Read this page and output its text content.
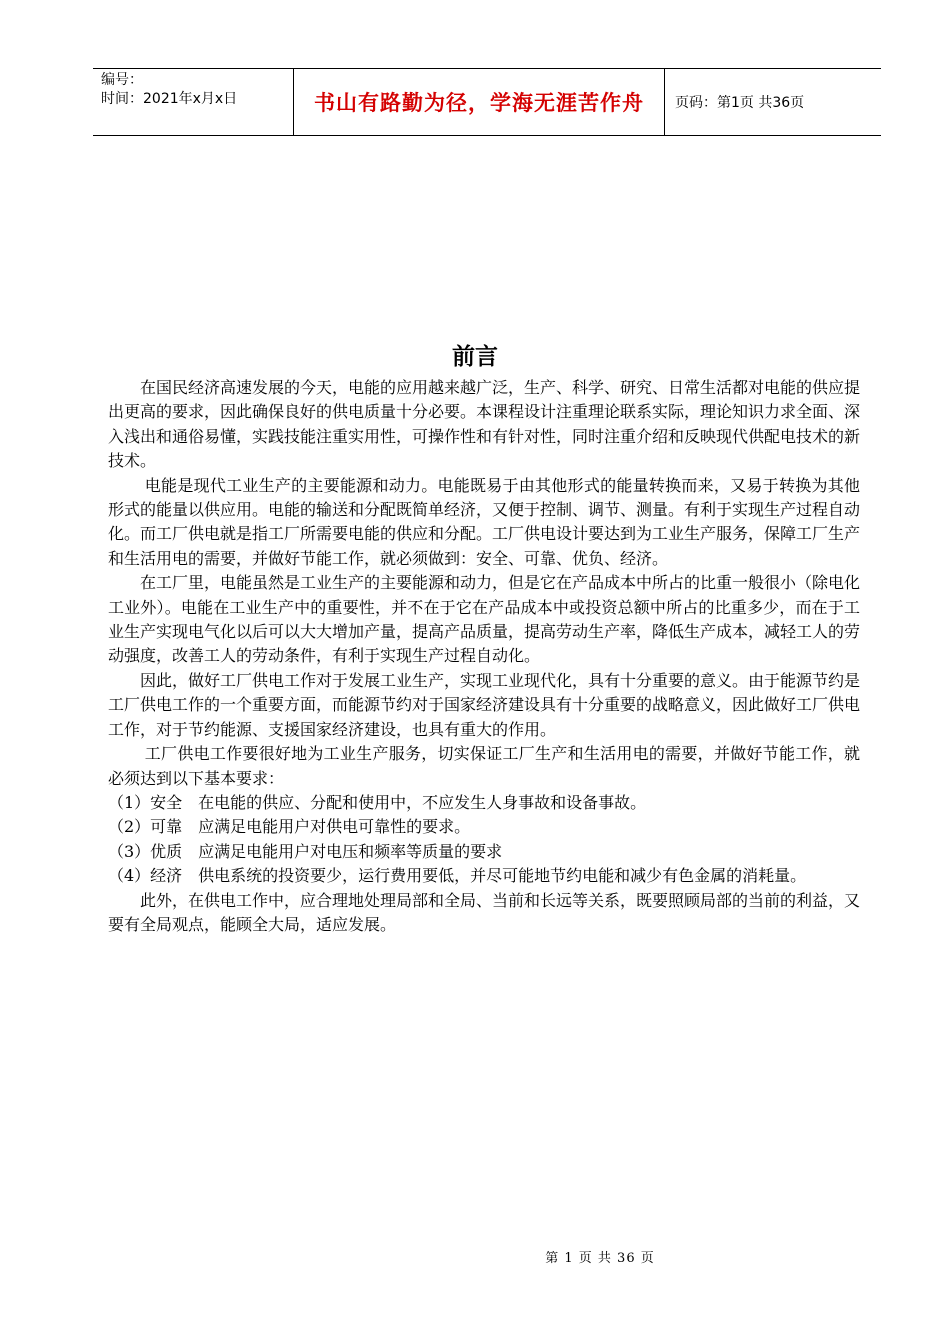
编号：
时间：2021年x月x日	书山有路勤为径，学海无涯苦作舟	页码：第1页 共36页
前言

在国民经济高速发展的今天，电能的应用越来越广泛，生产、科学、研究、日常生活都对电能的供应提出更高的要求，因此确保良好的供电质量十分必要。本课程设计注重理论联系实际，理论知识力求全面、深入浅出和通俗易懂，实践技能注重实用性，可操作性和有针对性，同时注重介绍和反映现代供配电技术的新技术。

电能是现代工业生产的主要能源和动力。电能既易于由其他形式的能量转换而来，又易于转换为其他形式的能量以供应用。电能的输送和分配既简单经济，又便于控制、调节、测量。有利于实现生产过程自动化。而工厂供电就是指工厂所需要电能的供应和分配。工厂供电设计要达到为工业生产服务，保障工厂生产和生活用电的需要，并做好节能工作，就必须做到：安全、可靠、优负、经济。

在工厂里，电能虽然是工业生产的主要能源和动力，但是它在产品成本中所占的比重一般很小（除电化工业外）。电能在工业生产中的重要性，并不在于它在产品成本中或投资总额中所占的比重多少，而在于工业生产实现电气化以后可以大大增加产量，提高产品质量，提高劳动生产率，降低生产成本，减轻工人的劳动强度，改善工人的劳动条件，有利于实现生产过程自动化。

因此，做好工厂供电工作对于发展工业生产，实现工业现代化，具有十分重要的意义。由于能源节约是工厂供电工作的一个重要方面，而能源节约对于国家经济建设具有十分重要的战略意义，因此做好工厂供电工作，对于节约能源、支援国家经济建设，也具有重大的作用。

工厂供电工作要很好地为工业生产服务，切实保证工厂生产和生活用电的需要，并做好节能工作，就必须达到以下基本要求：

（1）安全　在电能的供应、分配和使用中，不应发生人身事故和设备事故。

（2）可靠　应满足电能用户对供电可靠性的要求。

（3）优质　应满足电能用户对电压和频率等质量的要求

（4）经济　供电系统的投资要少，运行费用要低，并尽可能地节约电能和减少有色金属的消耗量。

此外，在供电工作中，应合理地处理局部和全局、当前和长远等关系，既要照顾局部的当前的利益，又要有全局观点，能顾全大局，适应发展。

第 1 页 共 36 页
